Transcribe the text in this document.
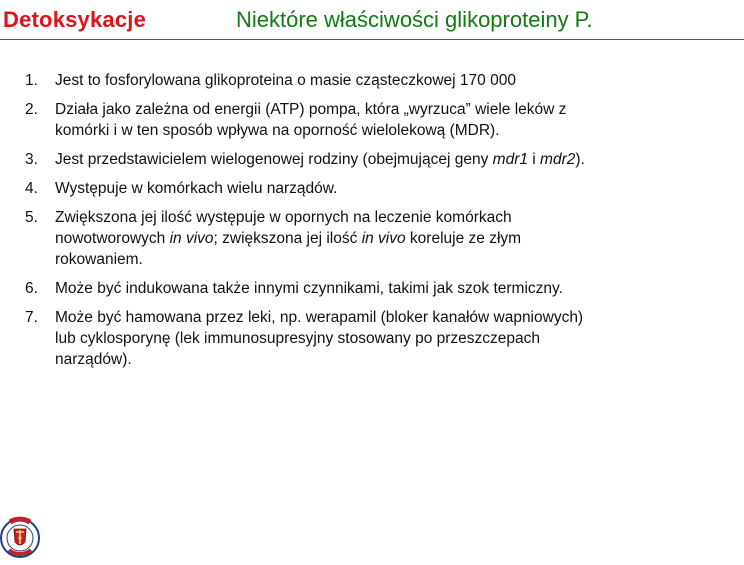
Detoksykacje	Niektóre właściwości glikoproteiny P.
1. Jest to fosforylowana glikoproteina o masie cząsteczkowej 170 000
2. Działa jako zależna od energii (ATP) pompa, która „wyrzuca” wiele leków z
komórki i w ten sposób wpływa na oporność wielolekową (MDR).
3. Jest przedstawicielem wielogenowej rodziny (obejmującej geny mdr1 i mdr2).
4. Występuje w komórkach wielu narządów.
5. Zwiększona jej ilość występuje w opornych na leczenie komórkach
nowotworowych in vivo; zwiększona jej ilość in vivo koreluje ze złym
rokowaniem.
6. Może być indukowana także innymi czynnikami, takimi jak szok termiczny.
7. Może być hamowana przez leki, np. werapamil (bloker kanałów wapniowych)
lub cyklosporynę (lek immunosupresyjny stosowany po przeszczepach
narządów).
